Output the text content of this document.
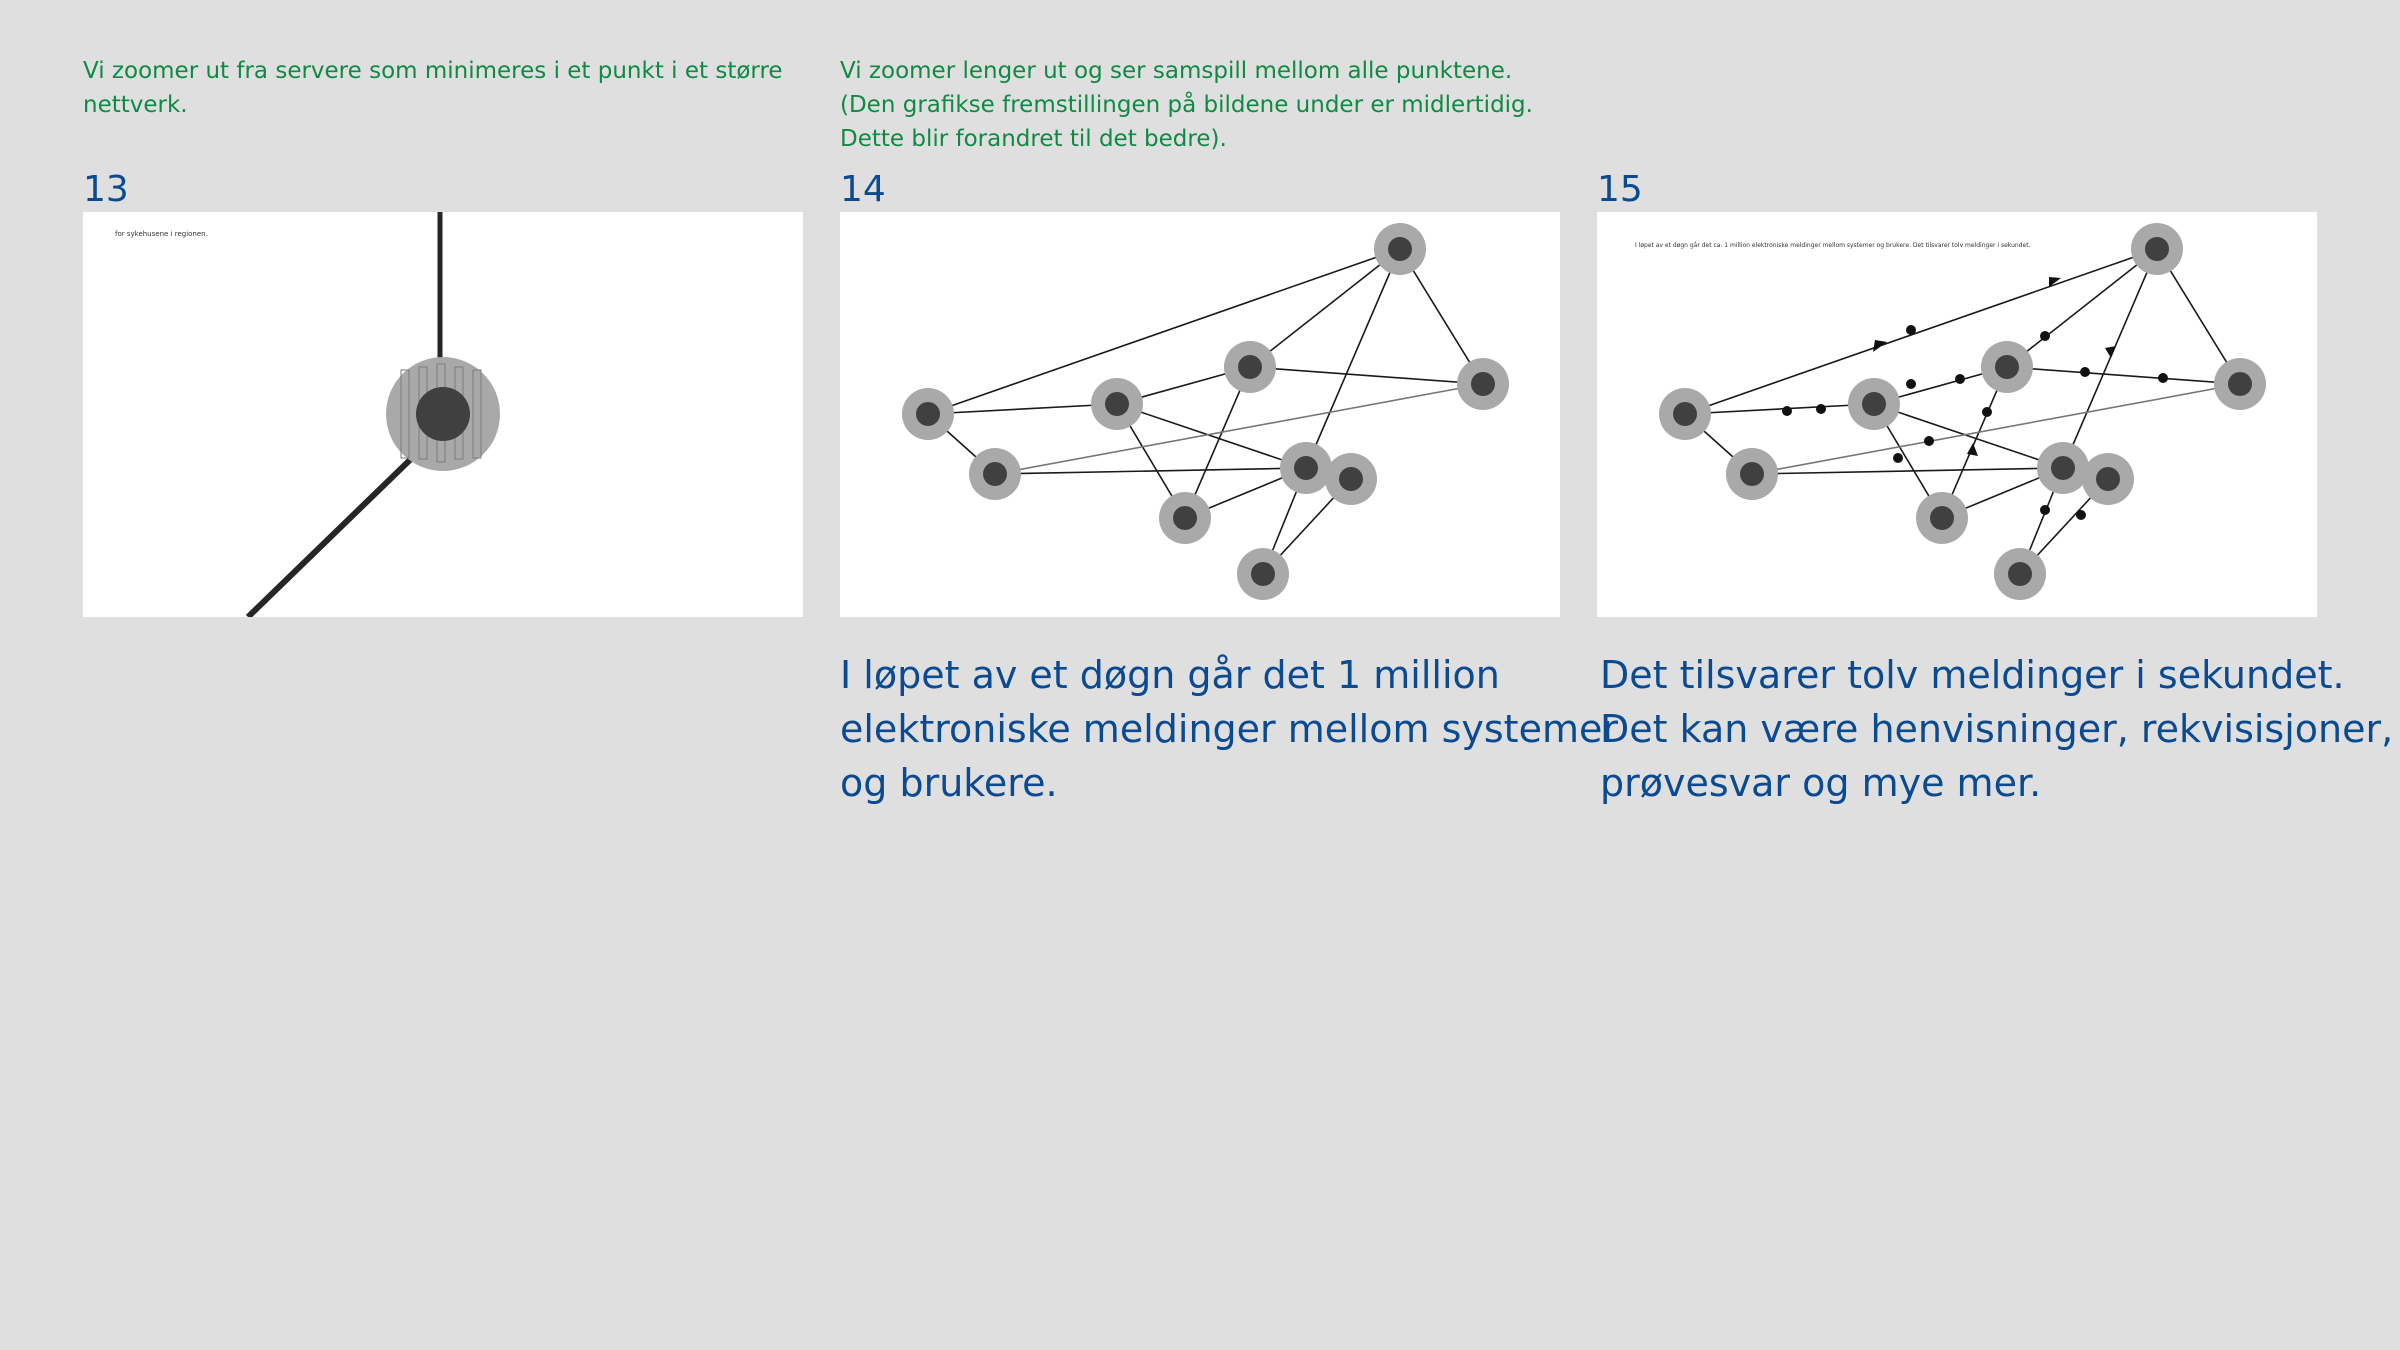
Vi zoomer ut fra servere som minimeres i et punkt i et større
nettverk.
Vi zoomer lenger ut og ser samspill mellom alle punktene.
(Den grafikse fremstillingen på bildene under er midlertidig.
Dette blir forandret til det bedre).
13	14	15
for sykehusene i regionen.
I løpet av et døgn går det ca. 1 million elektroniske meldinger mellom systemer og brukere. Det tilsvarer tolv meldinger i sekundet.
I løpet av et døgn går det 1 million
elektroniske meldinger mellom systemer
og brukere.
Det tilsvarer tolv meldinger i sekundet.
Det kan være henvisninger, rekvisisjoner,
prøvesvar og mye mer.
